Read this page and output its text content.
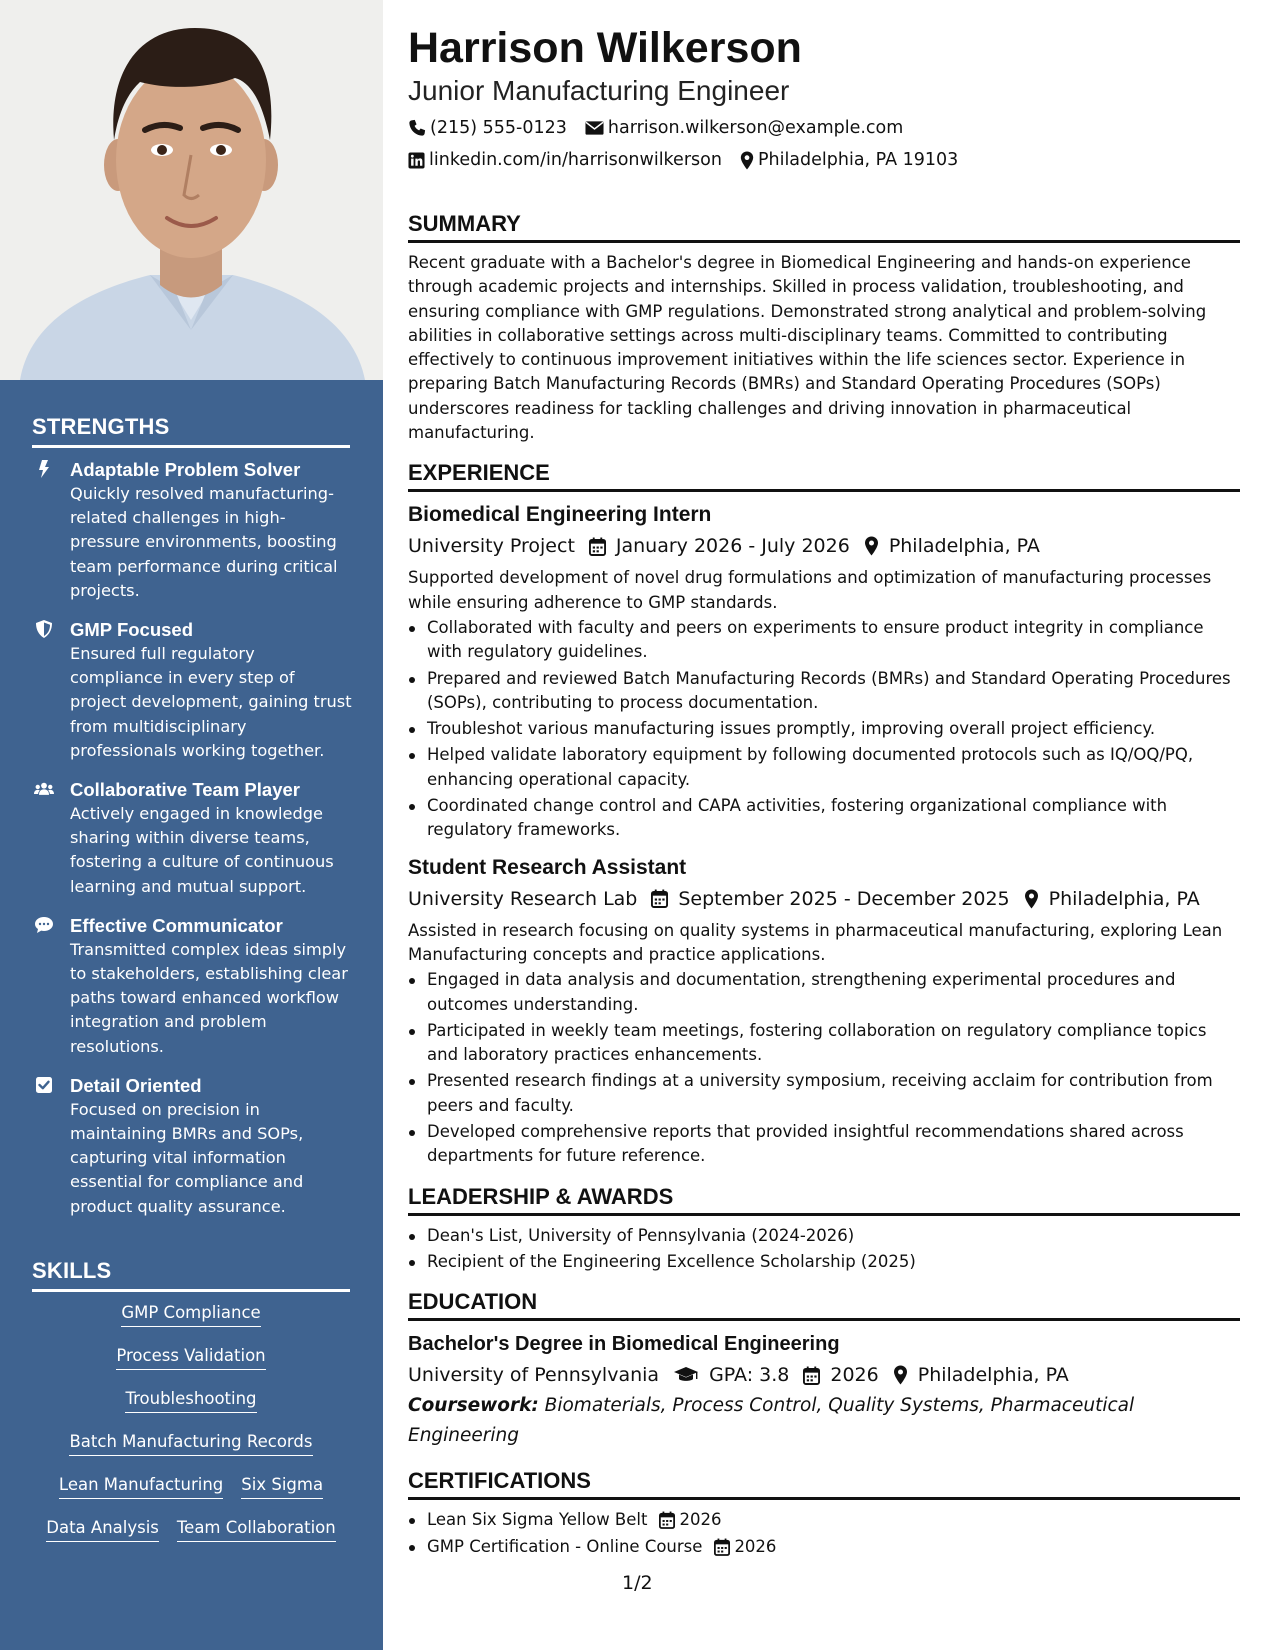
STRENGTHS
Adaptable Problem Solver
Quickly resolved manufacturing-related challenges in high-pressure environments, boosting team performance during critical projects.
GMP Focused
Ensured full regulatory compliance in every step of project development, gaining trust from multidisciplinary professionals working together.
Collaborative Team Player
Actively engaged in knowledge sharing within diverse teams, fostering a culture of continuous learning and mutual support.
Effective Communicator
Transmitted complex ideas simply to stakeholders, establishing clear paths toward enhanced workflow integration and problem resolutions.
Detail Oriented
Focused on precision in maintaining BMRs and SOPs, capturing vital information essential for compliance and product quality assurance.
SKILLS
GMP Compliance
Process Validation
Troubleshooting
Batch Manufacturing Records
Lean Manufacturing Six Sigma
Data Analysis Team Collaboration
Harrison Wilkerson
Junior Manufacturing Engineer
(215) 555-0123 harrison.wilkerson@example.com
linkedin.com/in/harrisonwilkerson Philadelphia, PA 19103
SUMMARY
Recent graduate with a Bachelor's degree in Biomedical Engineering and hands-on experience through academic projects and internships. Skilled in process validation, troubleshooting, and ensuring compliance with GMP regulations. Demonstrated strong analytical and problem-solving abilities in collaborative settings across multi-disciplinary teams. Committed to contributing effectively to continuous improvement initiatives within the life sciences sector. Experience in preparing Batch Manufacturing Records (BMRs) and Standard Operating Procedures (SOPs) underscores readiness for tackling challenges and driving innovation in pharmaceutical manufacturing.
EXPERIENCE
Biomedical Engineering Intern
University Project January 2026 - July 2026 Philadelphia, PA
Supported development of novel drug formulations and optimization of manufacturing processes while ensuring adherence to GMP standards.
Collaborated with faculty and peers on experiments to ensure product integrity in compliance with regulatory guidelines.
Prepared and reviewed Batch Manufacturing Records (BMRs) and Standard Operating Procedures (SOPs), contributing to process documentation.
Troubleshot various manufacturing issues promptly, improving overall project efficiency.
Helped validate laboratory equipment by following documented protocols such as IQ/OQ/PQ, enhancing operational capacity.
Coordinated change control and CAPA activities, fostering organizational compliance with regulatory frameworks.
Student Research Assistant
University Research Lab September 2025 - December 2025 Philadelphia, PA
Assisted in research focusing on quality systems in pharmaceutical manufacturing, exploring Lean Manufacturing concepts and practice applications.
Engaged in data analysis and documentation, strengthening experimental procedures and outcomes understanding.
Participated in weekly team meetings, fostering collaboration on regulatory compliance topics and laboratory practices enhancements.
Presented research findings at a university symposium, receiving acclaim for contribution from peers and faculty.
Developed comprehensive reports that provided insightful recommendations shared across departments for future reference.
LEADERSHIP & AWARDS
Dean's List, University of Pennsylvania (2024-2026)
Recipient of the Engineering Excellence Scholarship (2025)
EDUCATION
Bachelor's Degree in Biomedical Engineering
University of Pennsylvania	GPA: 3.8 2026 Philadelphia, PA
Coursework: Biomaterials, Process Control, Quality Systems, Pharmaceutical Engineering
CERTIFICATIONS
Lean Six Sigma Yellow Belt 2026
GMP Certification - Online Course 2026
1/2
